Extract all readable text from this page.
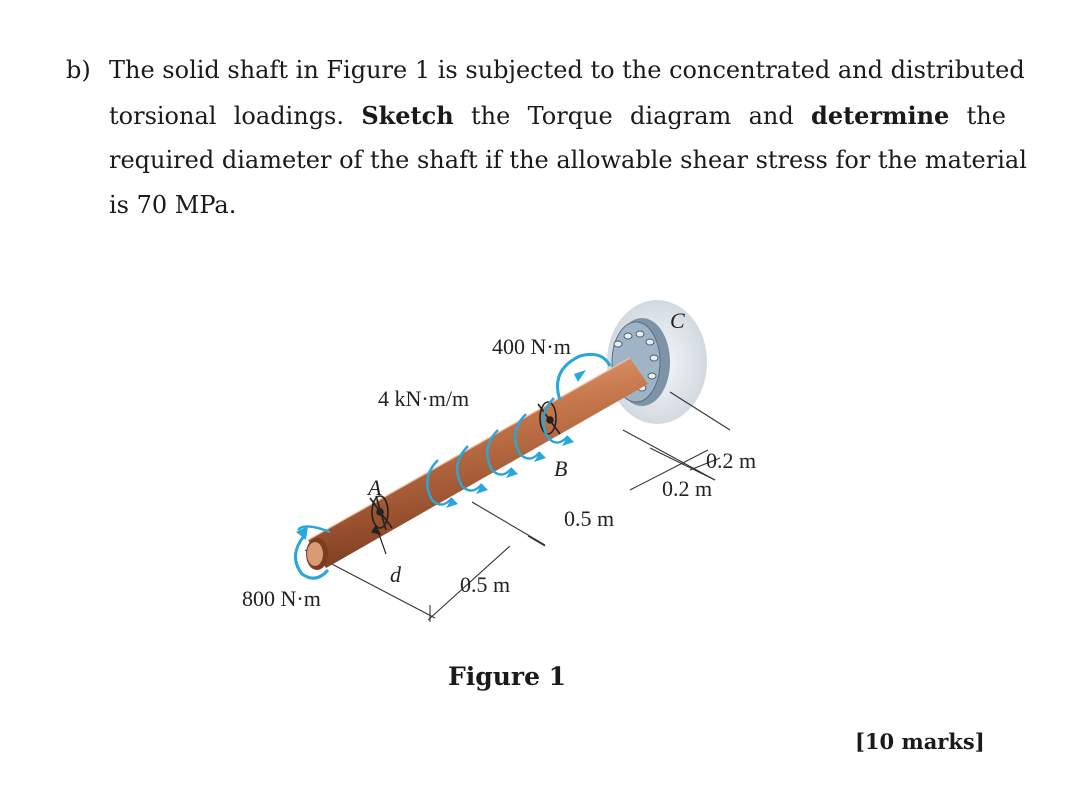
b) The solid shaft in Figure 1 is subjected to the concentrated and distributed
torsional loadings. Sketch the Torque diagram and determine the
required diameter of the shaft if the allowable shear stress for the material
is 70 MPa.
400 N·m
4 kN·m/m
800 N·m
A
B
C
d	0.5 m
0.5 m
0.2 m
0.2 m
Figure 1
[10 marks]
